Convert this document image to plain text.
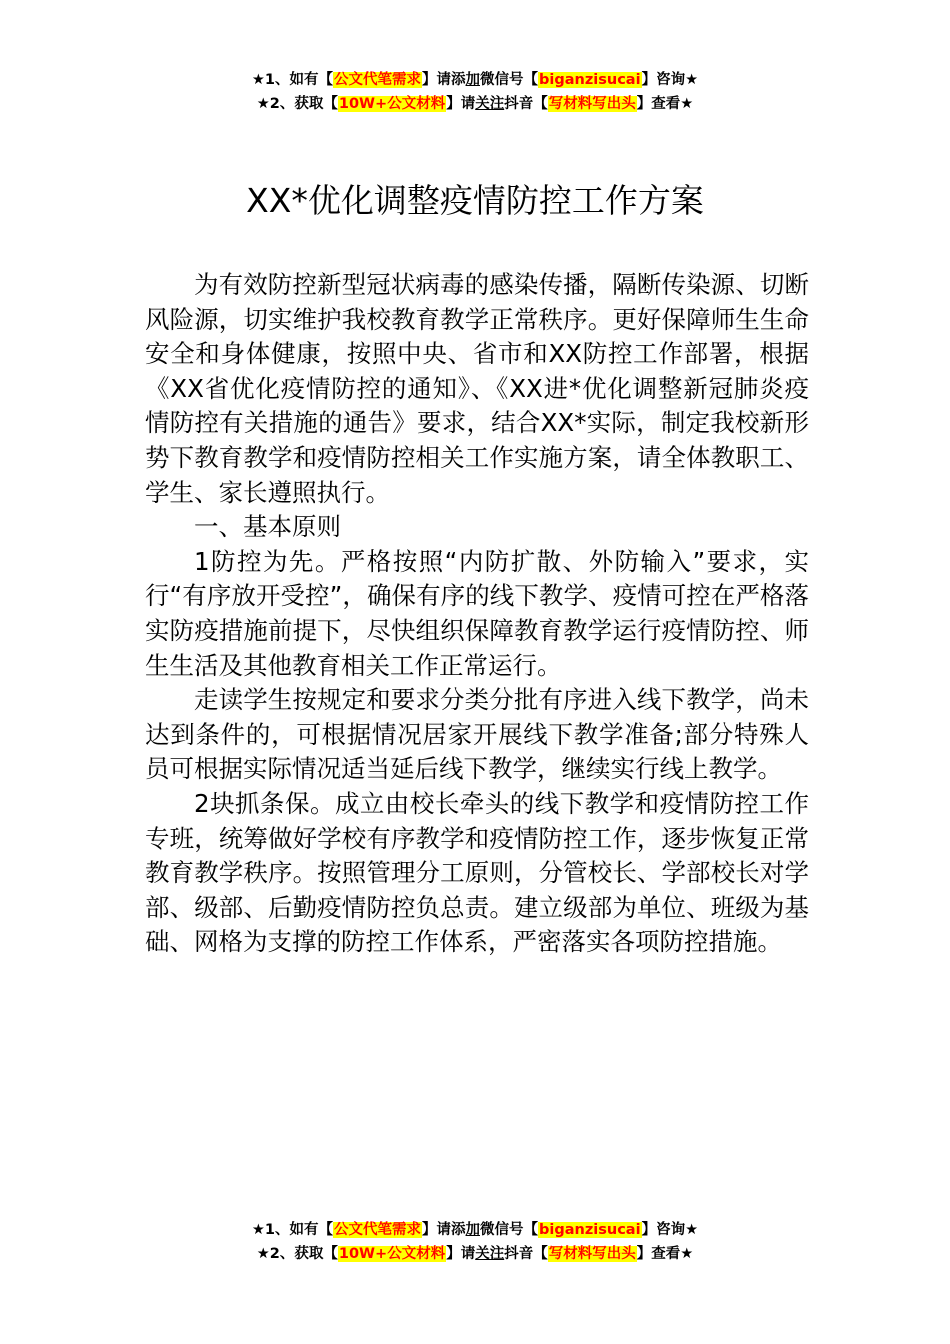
★1、如有【公文代笔需求】请添加微信号【biganzisucai】咨询★
★2、获取【10W+公文材料】请关注抖音【写材料写出头】查看★
XX*优化调整疫情防控工作方案

为有效防控新型冠状病毒的感染传播，隔断传染源、切断风险源，切实维护我校教育教学正常秩序。更好保障师生生命安全和身体健康，按照中央、省市和XX防控工作部署，根据《XX省优化疫情防控的通知》、《XX进*优化调整新冠肺炎疫情防控有关措施的通告》要求，结合XX*实际，制定我校新形势下教育教学和疫情防控相关工作实施方案，请全体教职工、学生、家长遵照执行。

一、基本原则

1防控为先。严格按照“内防扩散、外防输入”要求，实行“有序放开受控”，确保有序的线下教学、疫情可控在严格落实防疫措施前提下，尽快组织保障教育教学运行疫情防控、师生生活及其他教育相关工作正常运行。

走读学生按规定和要求分类分批有序进入线下教学，尚未达到条件的，可根据情况居家开展线下教学准备;部分特殊人员可根据实际情况适当延后线下教学，继续实行线上教学。

2块抓条保。成立由校长牵头的线下教学和疫情防控工作专班，统筹做好学校有序教学和疫情防控工作，逐步恢复正常教育教学秩序。按照管理分工原则，分管校长、学部校长对学部、级部、后勤疫情防控负总责。建立级部为单位、班级为基础、网格为支撑的防控工作体系，严密落实各项防控措施。

★1、如有【公文代笔需求】请添加微信号【biganzisucai】咨询★
★2、获取【10W+公文材料】请关注抖音【写材料写出头】查看★
